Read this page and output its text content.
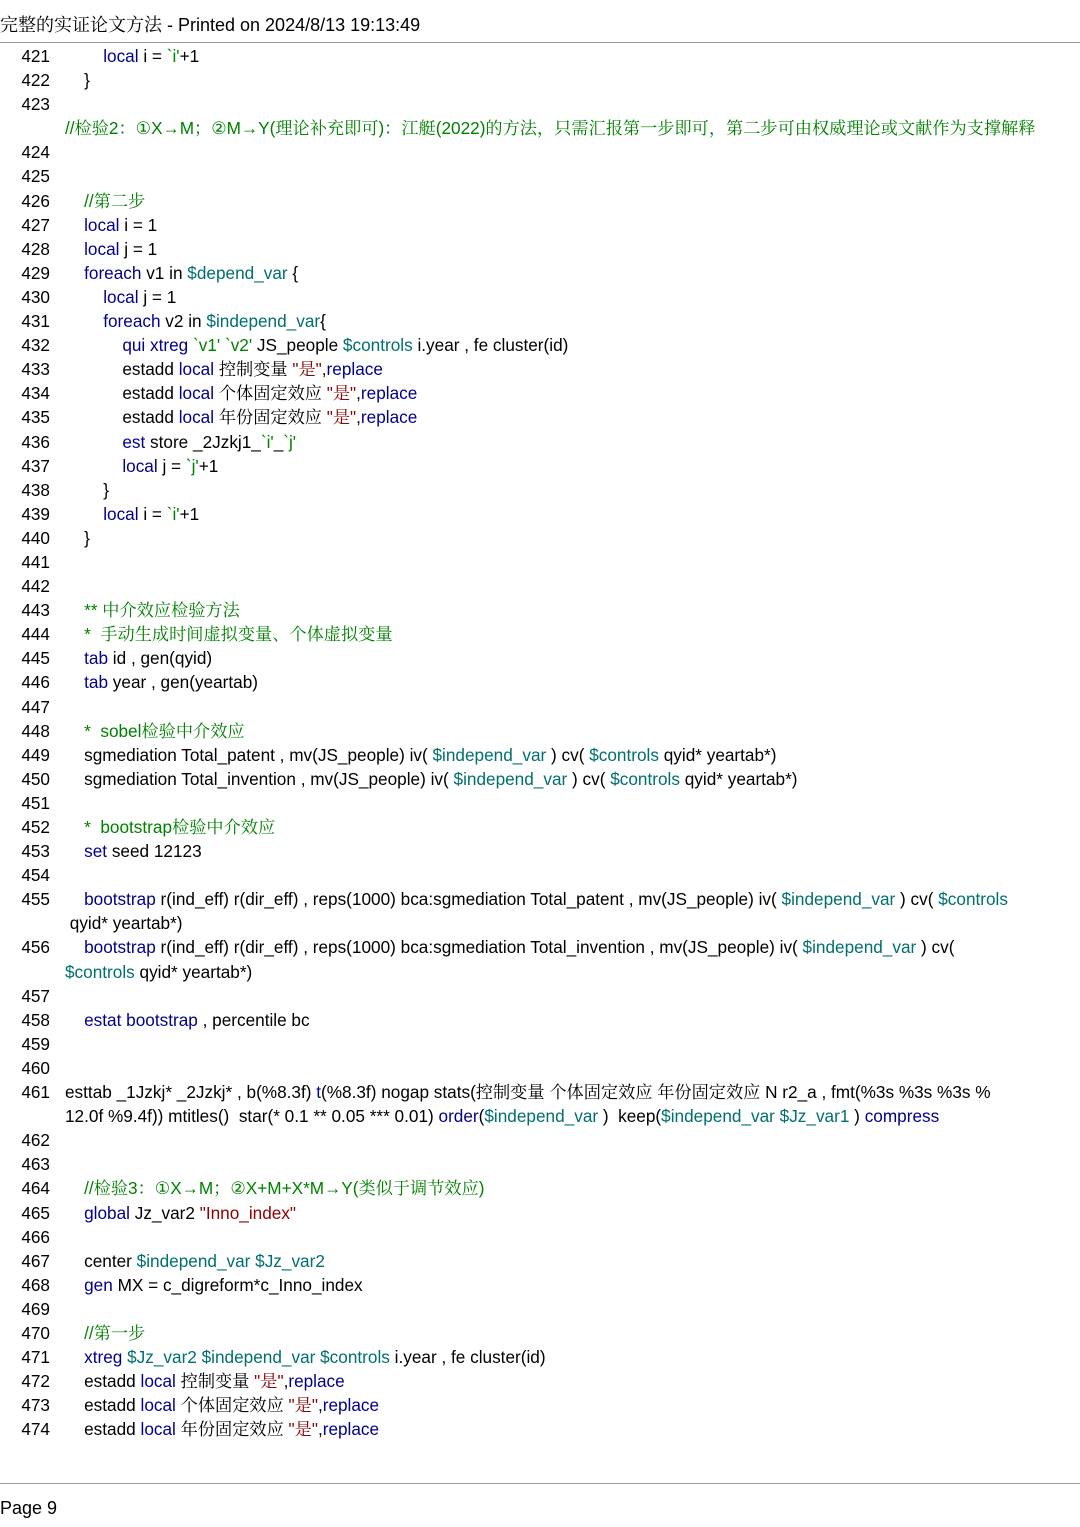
完整的实证论文方法 - Printed on 2024/8/13 19:13:49
421	local i = `i'+1
422 }
423
//检验2：①X→M；②M→Y(理论补充即可)：江艇(2022)的方法，只需汇报第一步即可，第二步可由权威理论或文献作为支撑解释
424
425
426	//第二步
427	local i = 1
428	local j = 1
429	foreach v1 in $depend_var {
430	local j = 1
431	foreach v2 in $independ_var{
432	qui xtreg `v1' `v2' JS_people $controls i.year , fe cluster(id)
433 estadd local 控制变量 "是",replace
434 estadd local 个体固定效应 "是",replace
435 estadd local 年份固定效应 "是",replace
436	est store _2Jzkj1_`i'_`j'
437	local j = `j'+1
438 }
439	local i = `i'+1
440 }
441
442
443	** 中介效应检验方法
444	*  手动生成时间虚拟变量、个体虚拟变量
445	tab id , gen(qyid)
446	tab year , gen(yeartab)
447
448	*  sobel检验中介效应
449 sgmediation Total_patent , mv(JS_people) iv( $independ_var ) cv( $controls qyid* yeartab*)
450 sgmediation Total_invention , mv(JS_people) iv( $independ_var ) cv( $controls qyid* yeartab*)
451
452	*  bootstrap检验中介效应
453	set seed 12123
454
455	bootstrap r(ind_eff) r(dir_eff) , reps(1000) bca:sgmediation Total_patent , mv(JS_people) iv( $independ_var ) cv( $controls
qyid* yeartab*)
456	bootstrap r(ind_eff) r(dir_eff) , reps(1000) bca:sgmediation Total_invention , mv(JS_people) iv( $independ_var ) cv(
$controls qyid* yeartab*)
457
458	estat bootstrap , percentile bc
459
460
461 esttab _1Jzkj* _2Jzkj* , b(%8.3f) t(%8.3f) nogap stats(控制变量 个体固定效应 年份固定效应 N r2_a , fmt(%3s %3s %3s %
12.0f %9.4f)) mtitles()  star(* 0.1 ** 0.05 *** 0.01) order($independ_var )  keep($independ_var $Jz_var1 ) compress
462
463
464	//检验3：①X→M；②X+M+X*M→Y(类似于调节效应)
465	global Jz_var2 "Inno_index"
466
467 center $independ_var $Jz_var2
468	gen MX = c_digreform*c_Inno_index
469
470	//第一步
471	xtreg $Jz_var2 $independ_var $controls i.year , fe cluster(id)
472 estadd local 控制变量 "是",replace
473 estadd local 个体固定效应 "是",replace
474 estadd local 年份固定效应 "是",replace
Page 9
